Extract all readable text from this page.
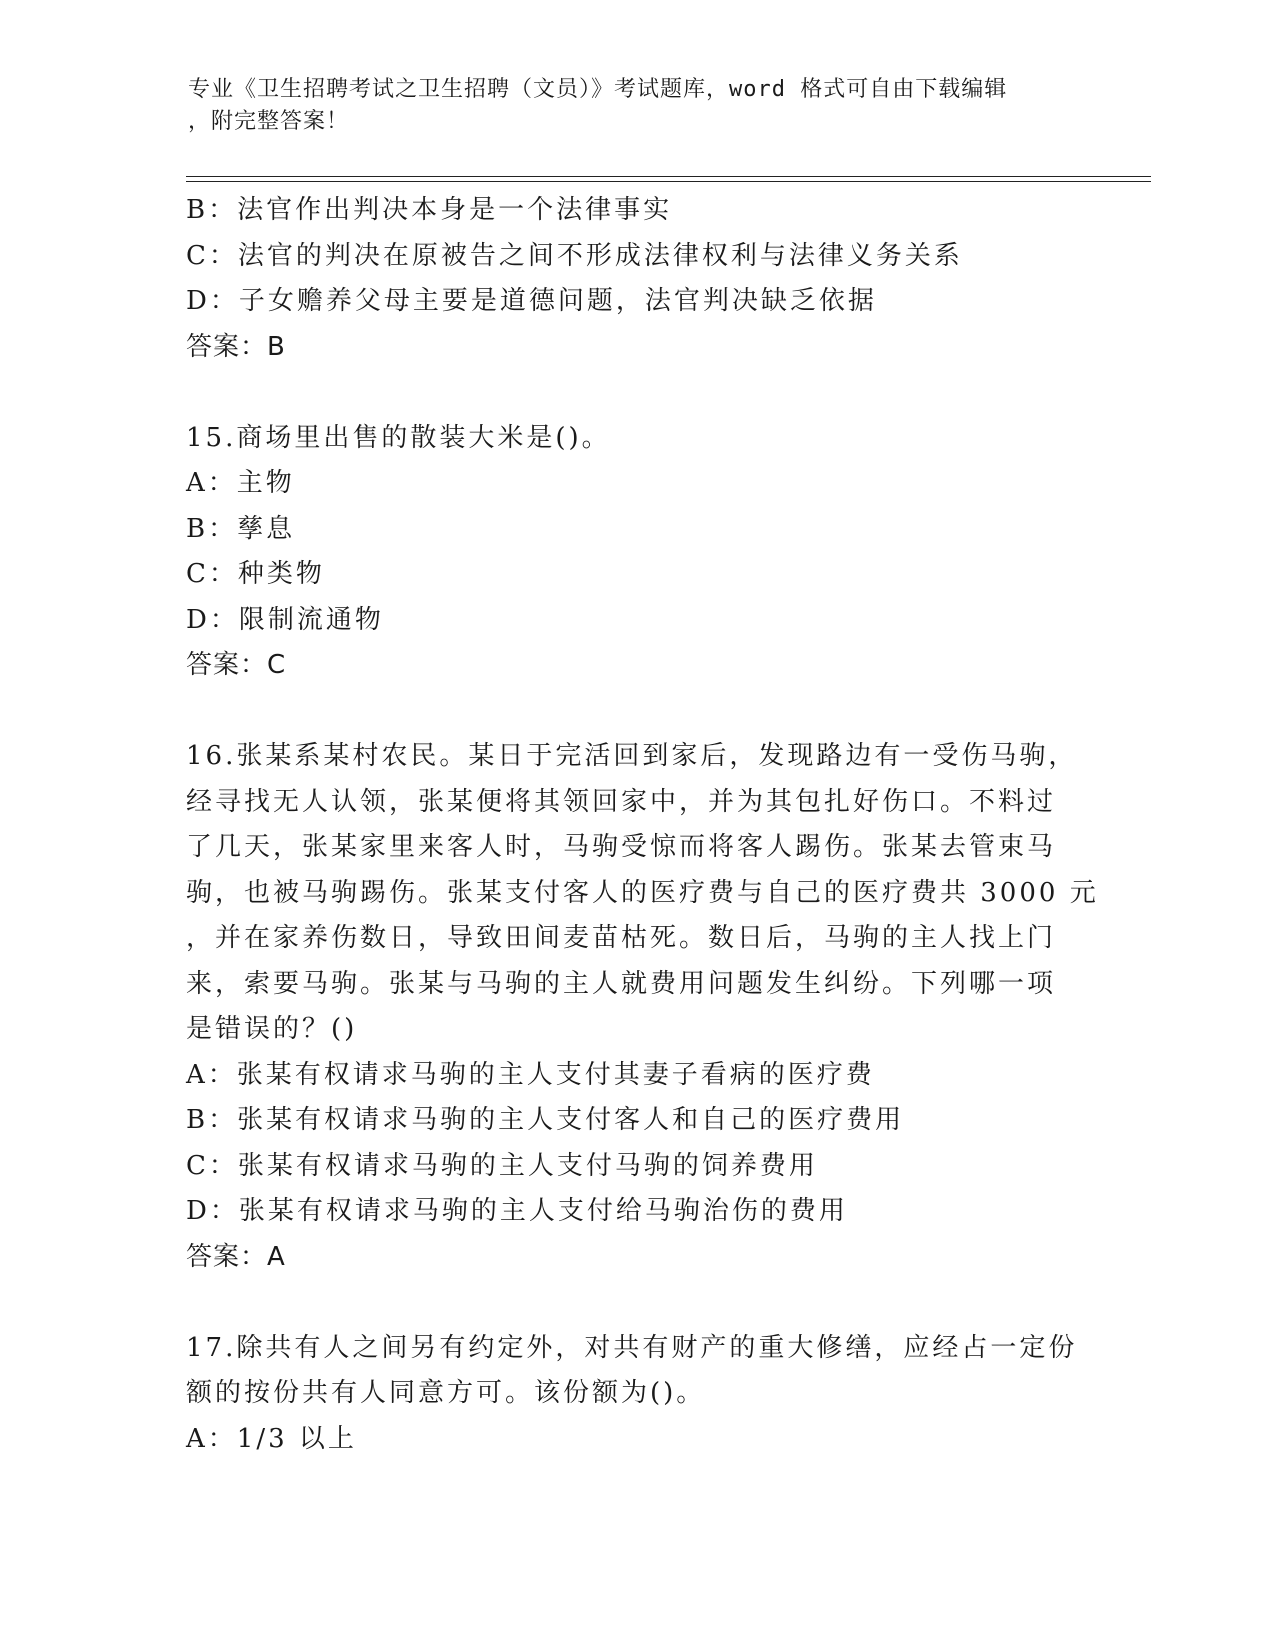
专业《卫生招聘考试之卫生招聘（文员）》考试题库，word 格式可自由下载编辑
，附完整答案！
B：法官作出判决本身是一个法律事实
C：法官的判决在原被告之间不形成法律权利与法律义务关系
D：子女赡养父母主要是道德问题，法官判决缺乏依据
答案：B
15.商场里出售的散装大米是()。
A：主物
B：孳息
C：种类物
D：限制流通物
答案：C
16.张某系某村农民。某日于完活回到家后，发现路边有一受伤马驹，
经寻找无人认领，张某便将其领回家中，并为其包扎好伤口。不料过
了几天，张某家里来客人时，马驹受惊而将客人踢伤。张某去管束马
驹，也被马驹踢伤。张某支付客人的医疗费与自己的医疗费共 3000 元
，并在家养伤数日，导致田间麦苗枯死。数日后，马驹的主人找上门
来，索要马驹。张某与马驹的主人就费用问题发生纠纷。下列哪一项
是错误的？()
A：张某有权请求马驹的主人支付其妻子看病的医疗费
B：张某有权请求马驹的主人支付客人和自己的医疗费用
C：张某有权请求马驹的主人支付马驹的饲养费用
D：张某有权请求马驹的主人支付给马驹治伤的费用
答案：A
17.除共有人之间另有约定外，对共有财产的重大修缮，应经占一定份
额的按份共有人同意方可。该份额为()。
A：1/3 以上
